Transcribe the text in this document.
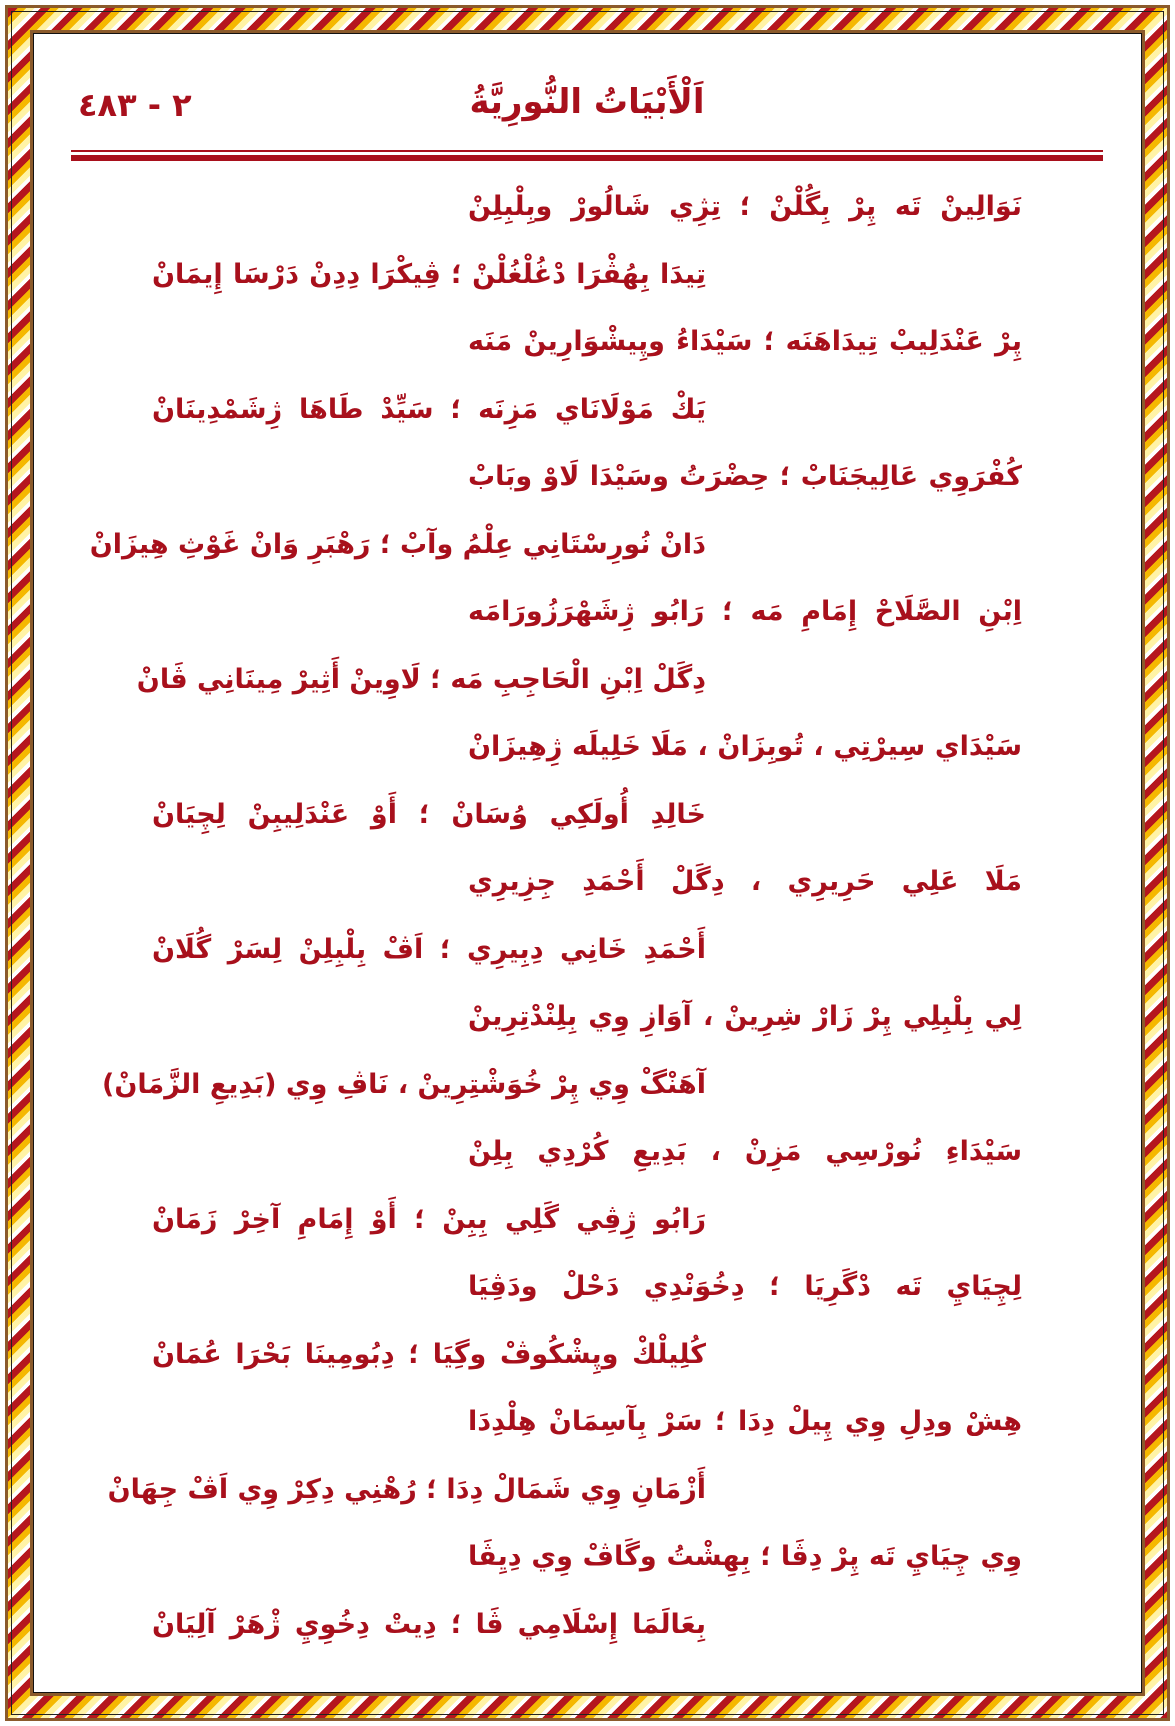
اَلْأَبْيَاتُ النُّورِيَّةُ
٢ - ٤٨٣
نَوَالِينْ تَه پِرْ بِگُلْنْ ؛ تِژِي شَالُورْ وبِلْبِلِنْ
تِيدَا بِهُڤْرَا دْغُلْغُلْنْ ؛ ڤِيكْرَا دِدِنْ دَرْسَا إِيمَانْ
پِرْ عَنْدَلِيبْ تِيدَاهَنَه ؛ سَيْدَاءُ وپِيشْوَارِينْ مَنَه
يَكْ مَوْلَانَاي مَزِنَه ؛ سَيِّدْ طَاهَا ژِشَمْدِينَانْ
كُفْرَوِي عَالِيجَنَابْ ؛ حِضْرَتُ وسَيْدَا لَاوْ وبَابْ
دَانْ نُورِسْتَانِي عِلْمُ وآبْ ؛ رَهْبَرِ وَانْ غَوْثِ هِيزَانْ
اِبْنِ الصَّلَاحْ إِمَامِ مَه ؛ رَابُو ژِشَهْرَزُورَامَه
دِگَلْ اِبْنِ الْحَاجِبِ مَه ؛ لَاوِينْ أَثِيرْ مِينَانِي ڤَانْ
سَيْدَاي سِيرْتِي ، تُوبِزَانْ ، مَلَا خَلِيلَه ژِهِيزَانْ
خَالِدِ أُولَكِي وُسَانْ ؛ أَوْ عَنْدَلِيبِنْ لِچِيَانْ
مَلَا عَلِي حَرِيرِي ، دِگَلْ أَحْمَدِ جِزِيرِي
أَحْمَدِ خَانِي دِبِيرِي ؛ اَڤْ بِلْبِلِنْ لِسَرْ گُلَانْ
لِي بِلْبِلِي پِرْ زَارْ شِرِينْ ، آوَازِ وِي بِلِنْدْتِرِينْ
آهَنْگْ وِي پِرْ خُوَشْتِرِينْ ، نَاڤِ وِي (بَدِيعِ الزَّمَانْ)
سَيْدَاءِ نُورْسِي مَزِنْ ، بَدِيعِ كُرْدِي بِلِنْ
رَابُو ژِڤِي گَلِي بِبِنْ ؛ أَوْ إِمَامِ آخِرْ زَمَانْ
لِچِيَايِ تَه دْگَرِيَا ؛ دِخُوَنْدِي دَحْلْ ودَڤِيَا
كُلِيلْكْ وپِشْكُوڤْ وگِيَا ؛ دِبُومِينَا بَحْرَا عُمَانْ
هِشْ ودِلِ وِي پِيلْ دِدَا ؛ سَرْ بِآسِمَانْ هِلْدِدَا
أَزْمَانِ وِي شَمَالْ دِدَا ؛ رُهْنِي دِكِرْ وِي اَڤْ جِهَانْ
وِي چِيَايِ تَه پِرْ دِڤَا ؛ بِهِشْتُ وگَاڤْ وِي دِيِڤَا
بِعَالَمَا إِسْلَامِي ڤَا ؛ دِيتْ دِخُوِيِ ژْهَرْ آلِيَانْ
